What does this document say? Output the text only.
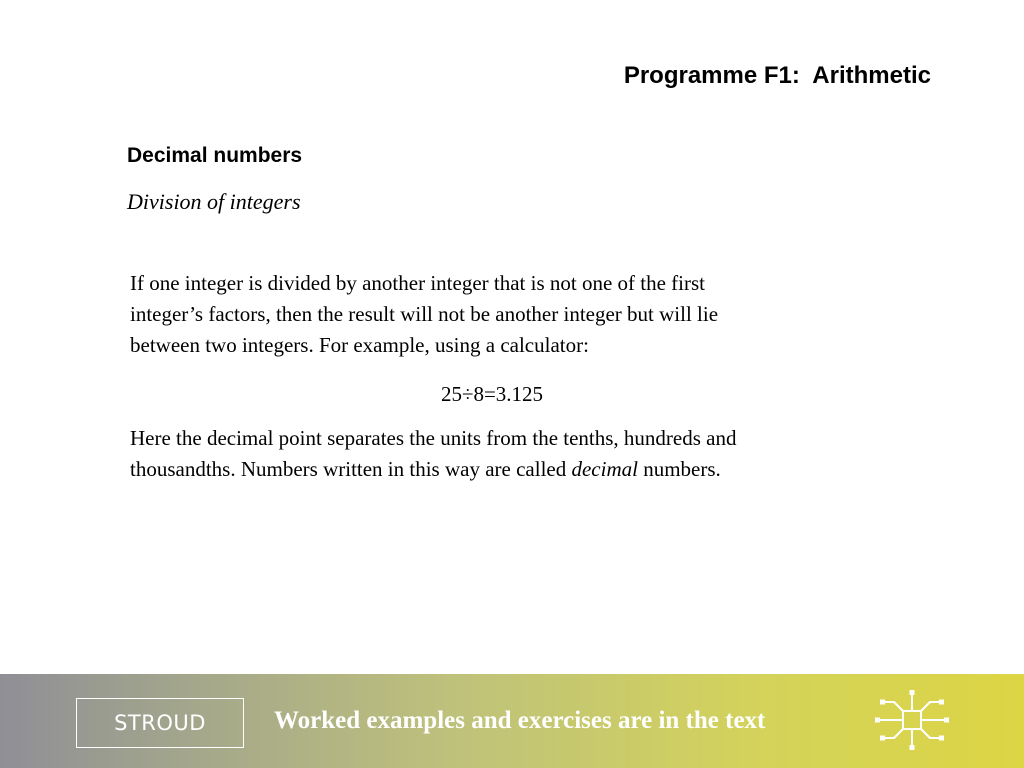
Programme F1:  Arithmetic
Decimal numbers
Division of integers
If one integer is divided by another integer that is not one of the first
integer’s factors, then the result will not be another integer but will lie
between two integers. For example, using a calculator:
25÷8=3.125
Here the decimal point separates the units from the tenths, hundreds and
thousandths. Numbers written in this way are called decimal numbers.
STROUD	Worked examples and exercises are in the text
